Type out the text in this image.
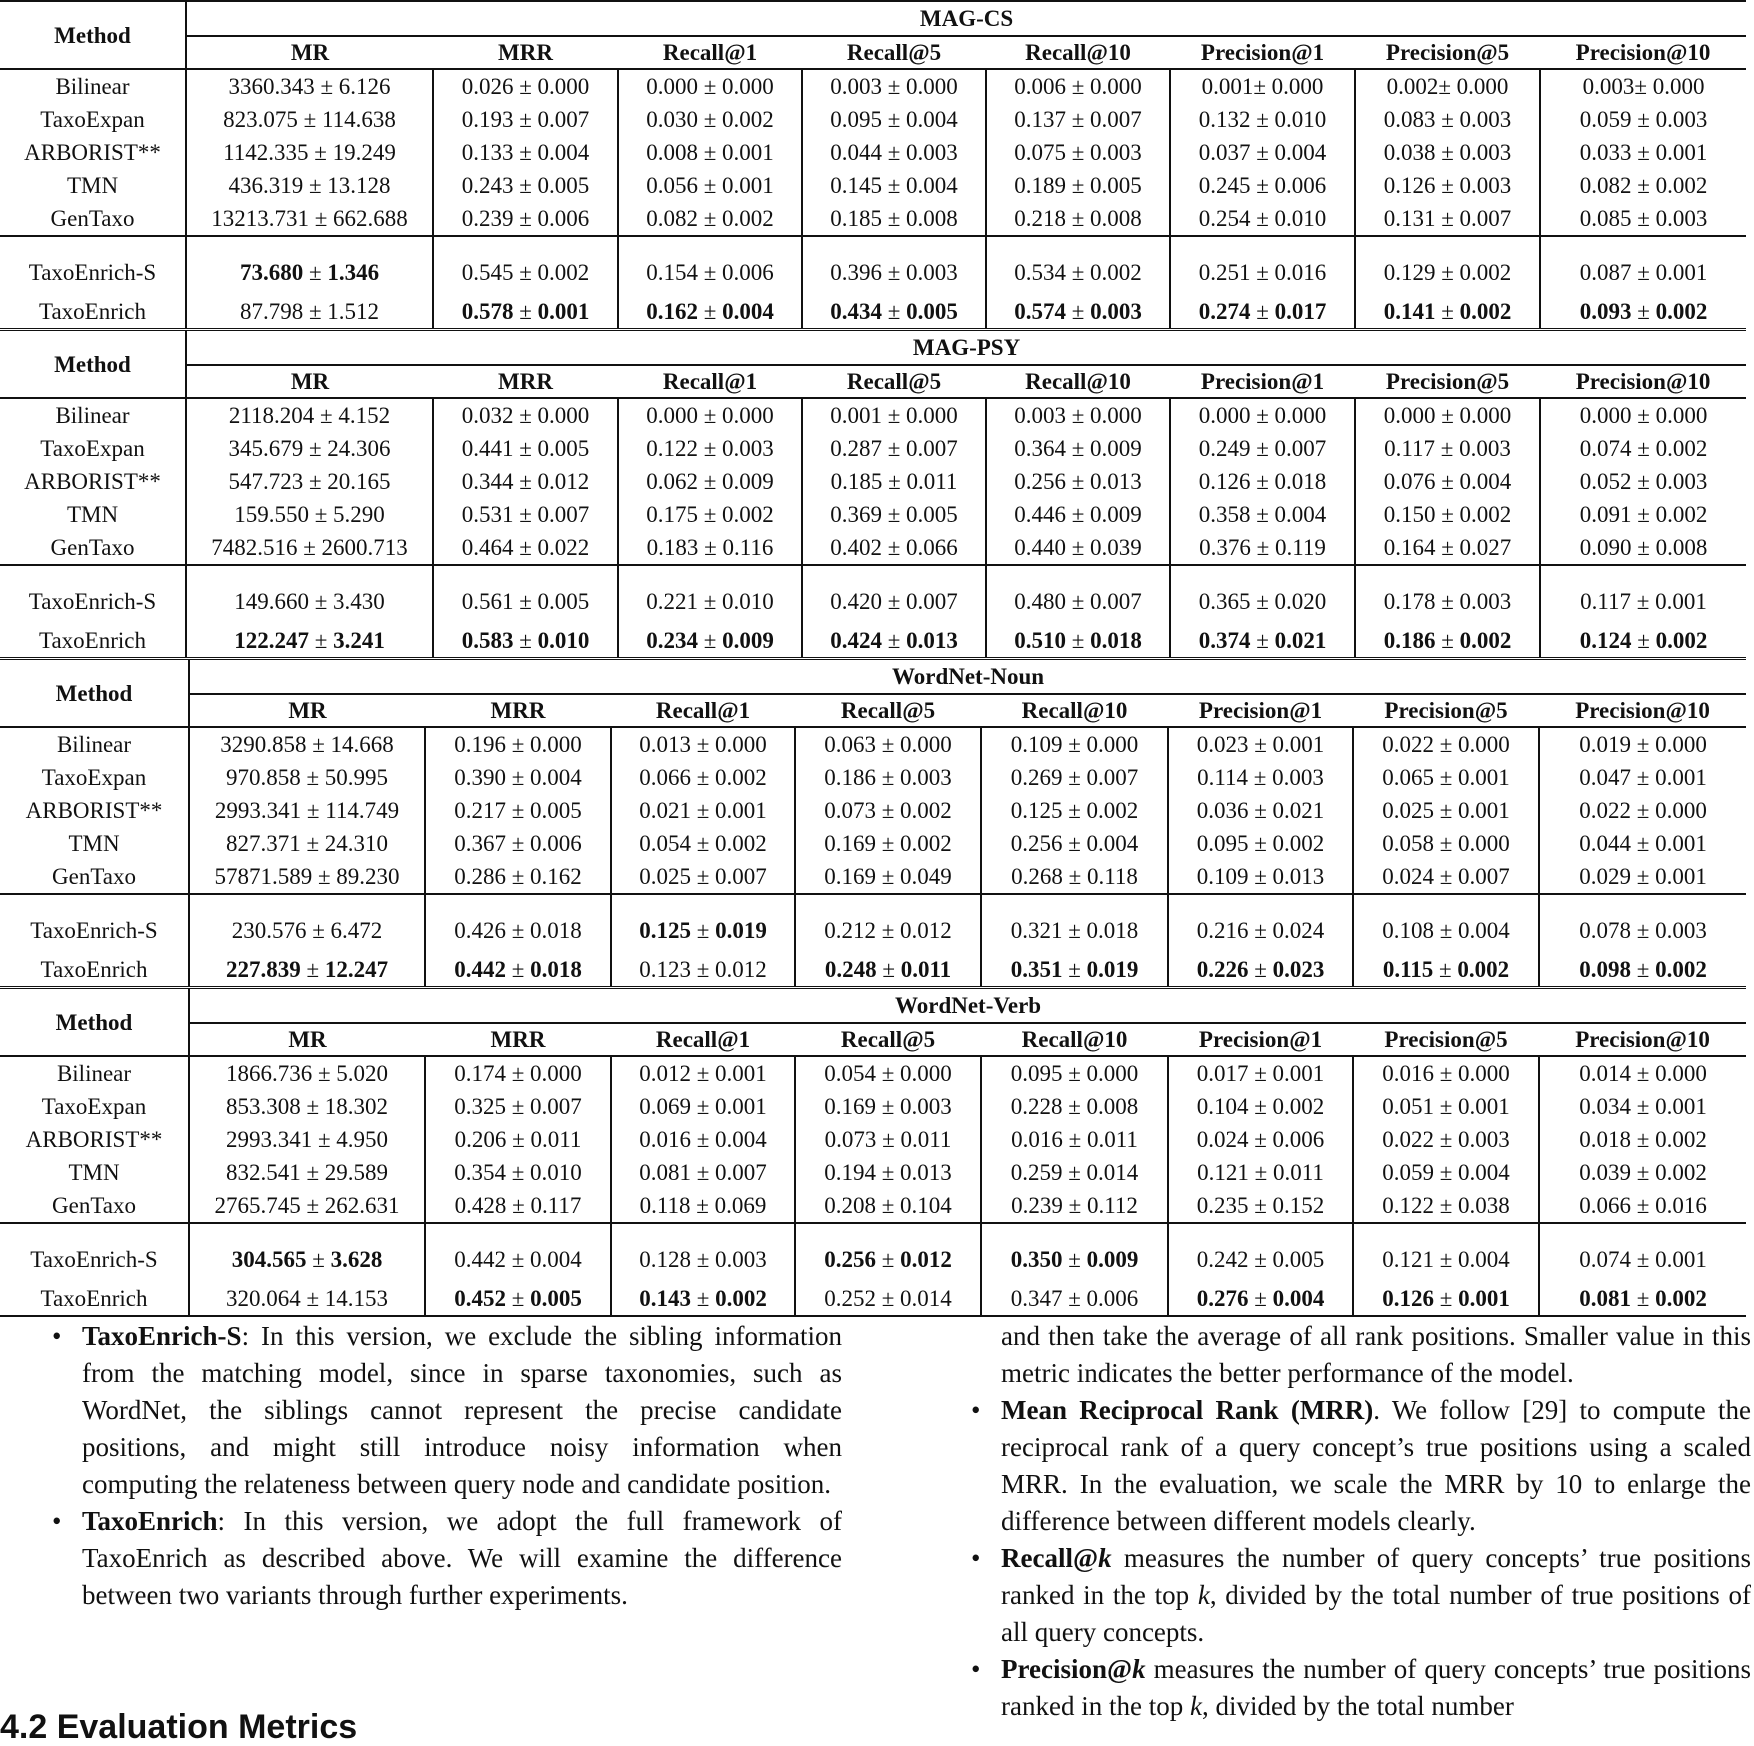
Method	MAG-CS							
	MR	MRR	Recall@1	Recall@5	Recall@10	Precision@1	Precision@5	Precision@10
Bilinear	3360.343 ± 6.126	0.026 ± 0.000	0.000 ± 0.000	0.003 ± 0.000	0.006 ± 0.000	0.001± 0.000	0.002± 0.000	0.003± 0.000
TaxoExpan	823.075 ± 114.638	0.193 ± 0.007	0.030 ± 0.002	0.095 ± 0.004	0.137 ± 0.007	0.132 ± 0.010	0.083 ± 0.003	0.059 ± 0.003
ARBORIST**	1142.335 ± 19.249	0.133 ± 0.004	0.008 ± 0.001	0.044 ± 0.003	0.075 ± 0.003	0.037 ± 0.004	0.038 ± 0.003	0.033 ± 0.001
TMN	436.319 ± 13.128	0.243 ± 0.005	0.056 ± 0.001	0.145 ± 0.004	0.189 ± 0.005	0.245 ± 0.006	0.126 ± 0.003	0.082 ± 0.002
GenTaxo	13213.731 ± 662.688	0.239 ± 0.006	0.082 ± 0.002	0.185 ± 0.008	0.218 ± 0.008	0.254 ± 0.010	0.131 ± 0.007	0.085 ± 0.003
TaxoEnrich-S	73.680 ± 1.346	0.545 ± 0.002	0.154 ± 0.006	0.396 ± 0.003	0.534 ± 0.002	0.251 ± 0.016	0.129 ± 0.002	0.087 ± 0.001
TaxoEnrich	87.798 ± 1.512	0.578 ± 0.001	0.162 ± 0.004	0.434 ± 0.005	0.574 ± 0.003	0.274 ± 0.017	0.141 ± 0.002	0.093 ± 0.002
Method	MAG-PSY							
	MR	MRR	Recall@1	Recall@5	Recall@10	Precision@1	Precision@5	Precision@10
Bilinear	2118.204 ± 4.152	0.032 ± 0.000	0.000 ± 0.000	0.001 ± 0.000	0.003 ± 0.000	0.000 ± 0.000	0.000 ± 0.000	0.000 ± 0.000
TaxoExpan	345.679 ± 24.306	0.441 ± 0.005	0.122 ± 0.003	0.287 ± 0.007	0.364 ± 0.009	0.249 ± 0.007	0.117 ± 0.003	0.074 ± 0.002
ARBORIST**	547.723 ± 20.165	0.344 ± 0.012	0.062 ± 0.009	0.185 ± 0.011	0.256 ± 0.013	0.126 ± 0.018	0.076 ± 0.004	0.052 ± 0.003
TMN	159.550 ± 5.290	0.531 ± 0.007	0.175 ± 0.002	0.369 ± 0.005	0.446 ± 0.009	0.358 ± 0.004	0.150 ± 0.002	0.091 ± 0.002
GenTaxo	7482.516 ± 2600.713	0.464 ± 0.022	0.183 ± 0.116	0.402 ± 0.066	0.440 ± 0.039	0.376 ± 0.119	0.164 ± 0.027	0.090 ± 0.008
TaxoEnrich-S	149.660 ± 3.430	0.561 ± 0.005	0.221 ± 0.010	0.420 ± 0.007	0.480 ± 0.007	0.365 ± 0.020	0.178 ± 0.003	0.117 ± 0.001
TaxoEnrich	122.247 ± 3.241	0.583 ± 0.010	0.234 ± 0.009	0.424 ± 0.013	0.510 ± 0.018	0.374 ± 0.021	0.186 ± 0.002	0.124 ± 0.002
Method	WordNet-Noun							
	MR	MRR	Recall@1	Recall@5	Recall@10	Precision@1	Precision@5	Precision@10
Bilinear	3290.858 ± 14.668	0.196 ± 0.000	0.013 ± 0.000	0.063 ± 0.000	0.109 ± 0.000	0.023 ± 0.001	0.022 ± 0.000	0.019 ± 0.000
TaxoExpan	970.858 ± 50.995	0.390 ± 0.004	0.066 ± 0.002	0.186 ± 0.003	0.269 ± 0.007	0.114 ± 0.003	0.065 ± 0.001	0.047 ± 0.001
ARBORIST**	2993.341 ± 114.749	0.217 ± 0.005	0.021 ± 0.001	0.073 ± 0.002	0.125 ± 0.002	0.036 ± 0.021	0.025 ± 0.001	0.022 ± 0.000
TMN	827.371 ± 24.310	0.367 ± 0.006	0.054 ± 0.002	0.169 ± 0.002	0.256 ± 0.004	0.095 ± 0.002	0.058 ± 0.000	0.044 ± 0.001
GenTaxo	57871.589 ± 89.230	0.286 ± 0.162	0.025 ± 0.007	0.169 ± 0.049	0.268 ± 0.118	0.109 ± 0.013	0.024 ± 0.007	0.029 ± 0.001
TaxoEnrich-S	230.576 ± 6.472	0.426 ± 0.018	0.125 ± 0.019	0.212 ± 0.012	0.321 ± 0.018	0.216 ± 0.024	0.108 ± 0.004	0.078 ± 0.003
TaxoEnrich	227.839 ± 12.247	0.442 ± 0.018	0.123 ± 0.012	0.248 ± 0.011	0.351 ± 0.019	0.226 ± 0.023	0.115 ± 0.002	0.098 ± 0.002
Method	WordNet-Verb							
	MR	MRR	Recall@1	Recall@5	Recall@10	Precision@1	Precision@5	Precision@10
Bilinear	1866.736 ± 5.020	0.174 ± 0.000	0.012 ± 0.001	0.054 ± 0.000	0.095 ± 0.000	0.017 ± 0.001	0.016 ± 0.000	0.014 ± 0.000
TaxoExpan	853.308 ± 18.302	0.325 ± 0.007	0.069 ± 0.001	0.169 ± 0.003	0.228 ± 0.008	0.104 ± 0.002	0.051 ± 0.001	0.034 ± 0.001
ARBORIST**	2993.341 ± 4.950	0.206 ± 0.011	0.016 ± 0.004	0.073 ± 0.011	0.016 ± 0.011	0.024 ± 0.006	0.022 ± 0.003	0.018 ± 0.002
TMN	832.541 ± 29.589	0.354 ± 0.010	0.081 ± 0.007	0.194 ± 0.013	0.259 ± 0.014	0.121 ± 0.011	0.059 ± 0.004	0.039 ± 0.002
GenTaxo	2765.745 ± 262.631	0.428 ± 0.117	0.118 ± 0.069	0.208 ± 0.104	0.239 ± 0.112	0.235 ± 0.152	0.122 ± 0.038	0.066 ± 0.016
TaxoEnrich-S	304.565 ± 3.628	0.442 ± 0.004	0.128 ± 0.003	0.256 ± 0.012	0.350 ± 0.009	0.242 ± 0.005	0.121 ± 0.004	0.074 ± 0.001
TaxoEnrich	320.064 ± 14.153	0.452 ± 0.005	0.143 ± 0.002	0.252 ± 0.014	0.347 ± 0.006	0.276 ± 0.004	0.126 ± 0.001	0.081 ± 0.002
• TaxoEnrich-S: In this version, we exclude the sibling information from the matching model, since in sparse taxonomies, such as WordNet, the siblings cannot represent the precise candidate positions, and might still introduce noisy information when computing the relateness between query node and candidate position.

• TaxoEnrich: In this version, we adopt the full framework of TaxoEnrich as described above. We will examine the difference between two variants through further experiments.

4.2 Evaluation Metrics

and then take the average of all rank positions. Smaller value in this metric indicates the better performance of the model.

• Mean Reciprocal Rank (MRR). We follow [29] to compute the reciprocal rank of a query concept’s true positions using a scaled MRR. In the evaluation, we scale the MRR by 10 to enlarge the difference between different models clearly.

• Recall@k measures the number of query concepts’ true positions ranked in the top k, divided by the total number of true positions of all query concepts.

• Precision@k measures the number of query concepts’ true positions ranked in the top k, divided by the total number
